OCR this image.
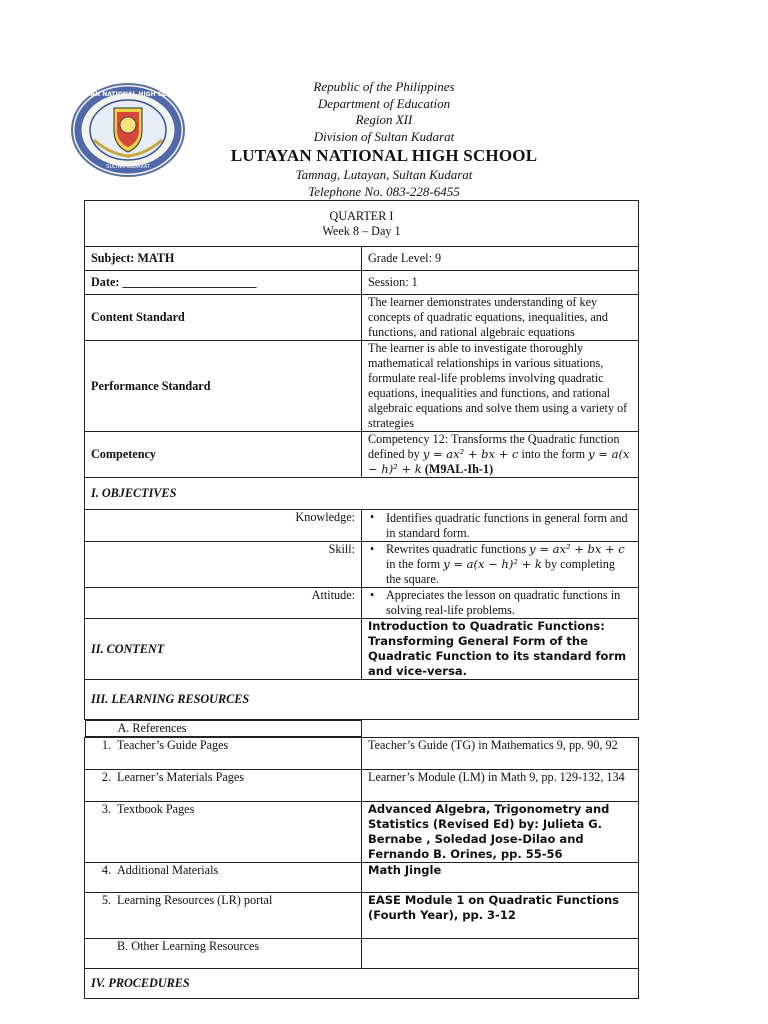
LUTAYAN NATIONAL HIGH SCHOOL
SULTAN KUDARAT
Republic of the Philippines
Department of Education
Region XII
Division of Sultan Kudarat
LUTAYAN NATIONAL HIGH SCHOOL
Tamnag, Lutayan, Sultan Kudarat
Telephone No. 083-228-6455
QUARTER I
Week 8 – Day 1	

Subject: MATH	Grade Level: 9
Date: ______________________	Session: 1
Content Standard	The learner demonstrates understanding of key concepts of quadratic equations, inequalities, and functions, and rational algebraic equations
Performance Standard	The learner is able to investigate thoroughly mathematical relationships in various situations, formulate real-life problems involving quadratic equations, inequalities and functions, and rational algebraic equations and solve them using a variety of strategies
Competency	Competency 12: Transforms the Quadratic function defined by y = ax² + bx + c into the form y = a(x − h)² + k (M9AL-Ih-1)
I. OBJECTIVES	
Knowledge:	• Identifies quadratic functions in general form and in standard form.
Skill:	• Rewrites quadratic functions y = ax² + bx + c in the form y = a(x − h)² + k by completing the square.
Attitude:	• Appreciates the lesson on quadratic functions in solving real-life problems.
II. CONTENT	Introduction to Quadratic Functions: Transforming General Form of the Quadratic Function to its standard form and vice-versa.
III. LEARNING RESOURCES	

A. References

1. Teacher’s Guide Pages	Teacher’s Guide (TG) in Mathematics 9, pp. 90, 92
2. Learner’s Materials Pages	Learner’s Module (LM) in Math 9, pp. 129-132, 134
3. Textbook Pages	Advanced Algebra, Trigonometry and Statistics (Revised Ed) by: Julieta G. Bernabe , Soledad Jose-Dilao and Fernando B. Orines, pp. 55-56
4. Additional Materials	Math Jingle
5. Learning Resources (LR) portal	EASE Module 1 on Quadratic Functions (Fourth Year), pp. 3-12
B. Other Learning Resources	
IV. PROCEDURES	
